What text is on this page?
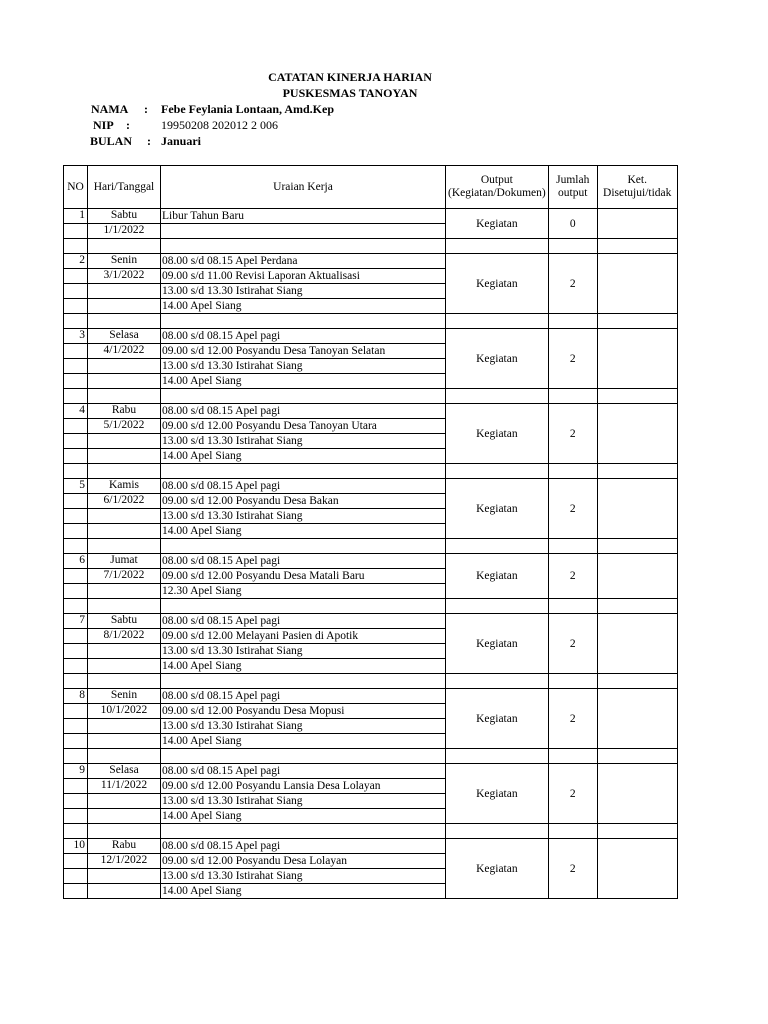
CATATAN KINERJA HARIAN
PUSKESMAS TANOYAN
NAMA : Febe Feylania Lontaan, Amd.Kep
NIP :	19950208 202012 2 006
BULAN : Januari
NO	Hari/Tanggal	Uraian Kerja	Output (Kegiatan/Dokumen)	Jumlah output	Ket. Disetujui/tidak
1	Sabtu	Libur Tahun Baru	Kegiatan	0	
	1/1/2022				

2	Senin	08.00 s/d 08.15 Apel Perdana	Kegiatan	2	
	3/1/2022	09.00 s/d 11.00 Revisi Laporan Aktualisasi			
		13.00 s/d 13.30 Istirahat Siang			
		14.00 Apel Siang			

3	Selasa	08.00 s/d 08.15 Apel pagi	Kegiatan	2	
	4/1/2022	09.00 s/d 12.00 Posyandu Desa Tanoyan Selatan			
		13.00 s/d 13.30 Istirahat Siang			
		14.00 Apel Siang			

4	Rabu	08.00 s/d 08.15 Apel pagi	Kegiatan	2	
	5/1/2022	09.00 s/d 12.00 Posyandu Desa Tanoyan Utara			
		13.00 s/d 13.30 Istirahat Siang			
		14.00 Apel Siang			

5	Kamis	08.00 s/d 08.15 Apel pagi	Kegiatan	2	
	6/1/2022	09.00 s/d 12.00 Posyandu Desa Bakan			
		13.00 s/d 13.30 Istirahat Siang			
		14.00 Apel Siang			

6	Jumat	08.00 s/d 08.15 Apel pagi	Kegiatan	2	
	7/1/2022	09.00 s/d 12.00 Posyandu Desa Matali Baru			
		12.30 Apel Siang			

7	Sabtu	08.00 s/d 08.15 Apel pagi	Kegiatan	2	
	8/1/2022	09.00 s/d 12.00 Melayani Pasien di Apotik			
		13.00 s/d 13.30 Istirahat Siang			
		14.00 Apel Siang			

8	Senin	08.00 s/d 08.15 Apel pagi	Kegiatan	2	
	10/1/2022	09.00 s/d 12.00 Posyandu Desa Mopusi			
		13.00 s/d 13.30 Istirahat Siang			
		14.00 Apel Siang			

9	Selasa	08.00 s/d 08.15 Apel pagi	Kegiatan	2	
	11/1/2022	09.00 s/d 12.00 Posyandu Lansia Desa Lolayan			
		13.00 s/d 13.30 Istirahat Siang			
		14.00 Apel Siang			

10	Rabu	08.00 s/d 08.15 Apel pagi	Kegiatan	2	
	12/1/2022	09.00 s/d 12.00 Posyandu Desa Lolayan			
		13.00 s/d 13.30 Istirahat Siang			
		14.00 Apel Siang			
